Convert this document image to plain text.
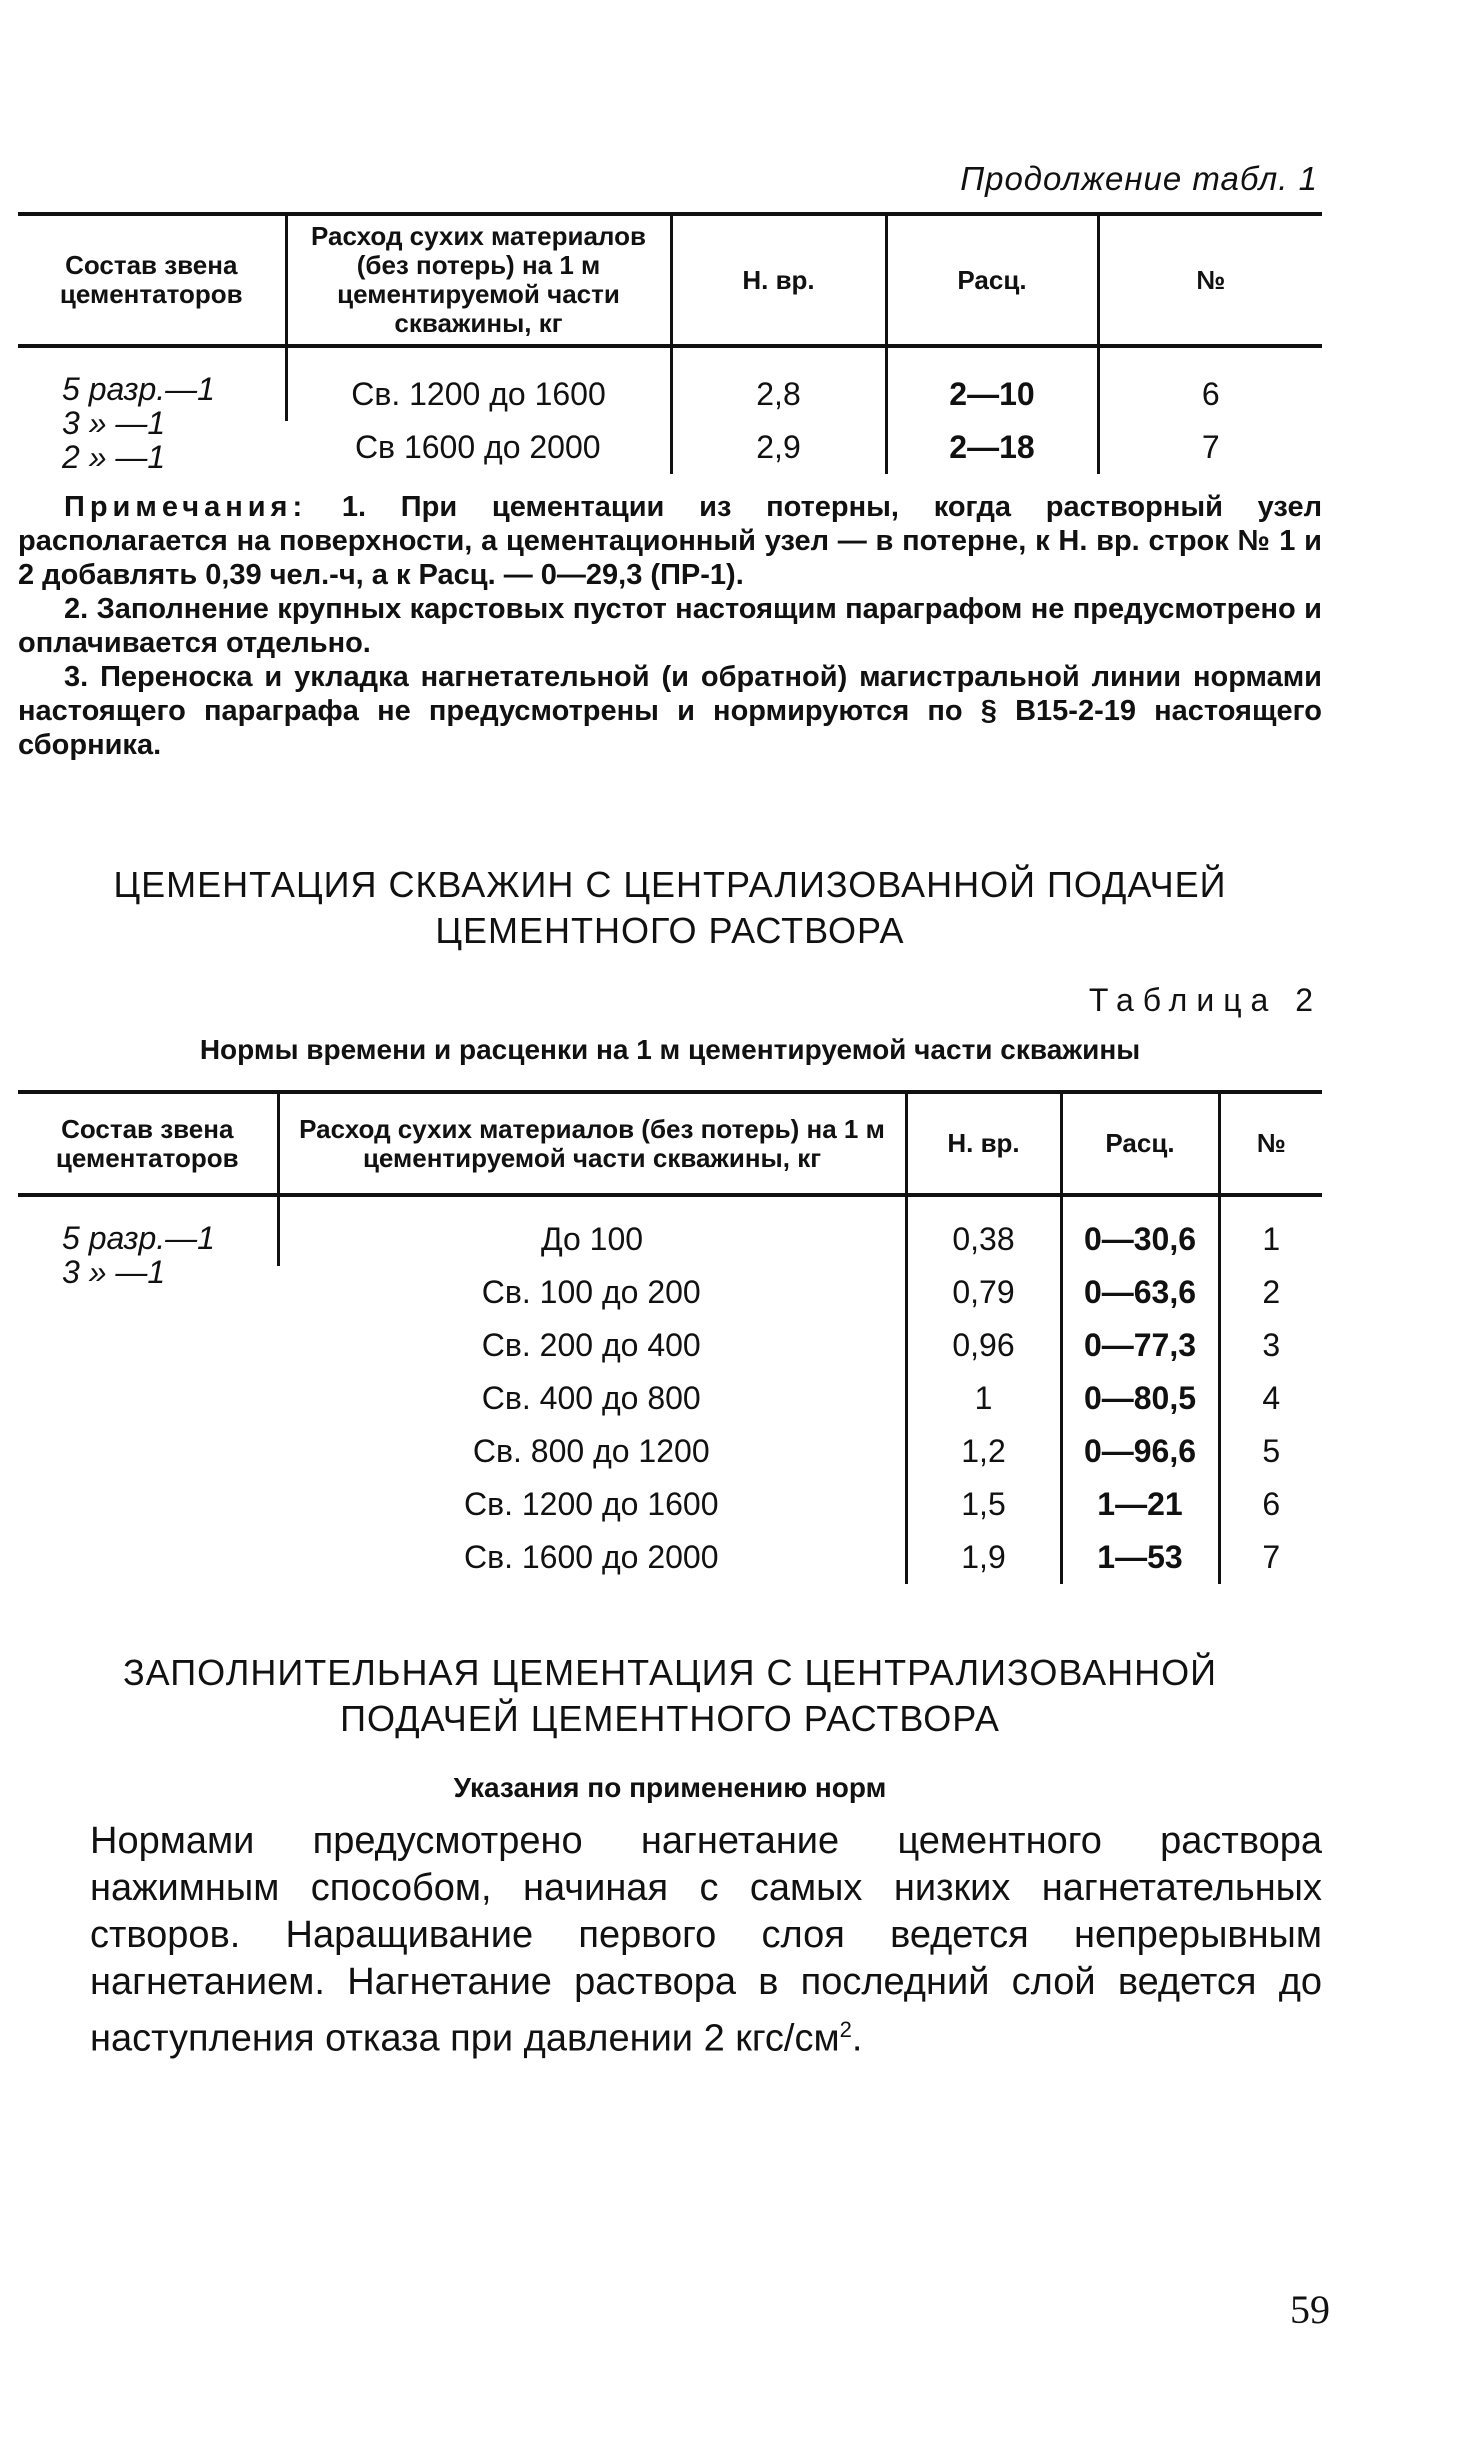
Продолжение табл. 1
Состав звена цементаторов	Расход сухих материалов (без потерь) на 1 м цементируемой части скважины, кг	Н. вр.	Расц.	№

5 разр.—1
3 » —1
2 » —1	Св. 1200 до 1600	2,8	2—10	6
	Св 1600 до 2000	2,9	2—18	7

Примечания: 1. При цементации из потерны, когда растворный узел располагается на поверхности, а цементационный узел — в потерне, к Н. вр. строк № 1 и 2 добавлять 0,39 чел.-ч, а к Расц. — 0—29,3 (ПР-1).

2. Заполнение крупных карстовых пустот настоящим параграфом не предусмотрено и оплачивается отдельно.

3. Переноска и укладка нагнетательной (и обратной) магистральной линии нормами настоящего параграфа не предусмотрены и нормируются по § В15-2-19 настоящего сборника.

ЦЕМЕНТАЦИЯ СКВАЖИН С ЦЕНТРАЛИЗОВАННОЙ ПОДАЧЕЙ
ЦЕМЕНТНОГО РАСТВОРА
Таблица 2
Нормы времени и расценки на 1 м цементируемой части скважины
Состав звена цементаторов	Расход сухих материалов (без потерь) на 1 м цементируемой части скважины, кг	Н. вр.	Расц.	№

5 разр.—1
3 » —1	До 100	0,38	0—30,6	1
	Св. 100 до 200	0,79	0—63,6	2
	Св. 200 до 400	0,96	0—77,3	3
	Св. 400 до 800	1	0—80,5	4
	Св. 800 до 1200	1,2	0—96,6	5
	Св. 1200 до 1600	1,5	1—21	6
	Св. 1600 до 2000	1,9	1—53	7
ЗАПОЛНИТЕЛЬНАЯ ЦЕМЕНТАЦИЯ С ЦЕНТРАЛИЗОВАННОЙ
ПОДАЧЕЙ ЦЕМЕНТНОГО РАСТВОРА
Указания по применению норм

Нормами предусмотрено нагнетание цементного раствора нажимным способом, начиная с самых низких нагнетательных створов. Наращивание первого слоя ведется непрерывным нагнетанием. Нагнетание раствора в последний слой ведется до наступления отказа при давлении 2 кгс/$см^2$.

59
